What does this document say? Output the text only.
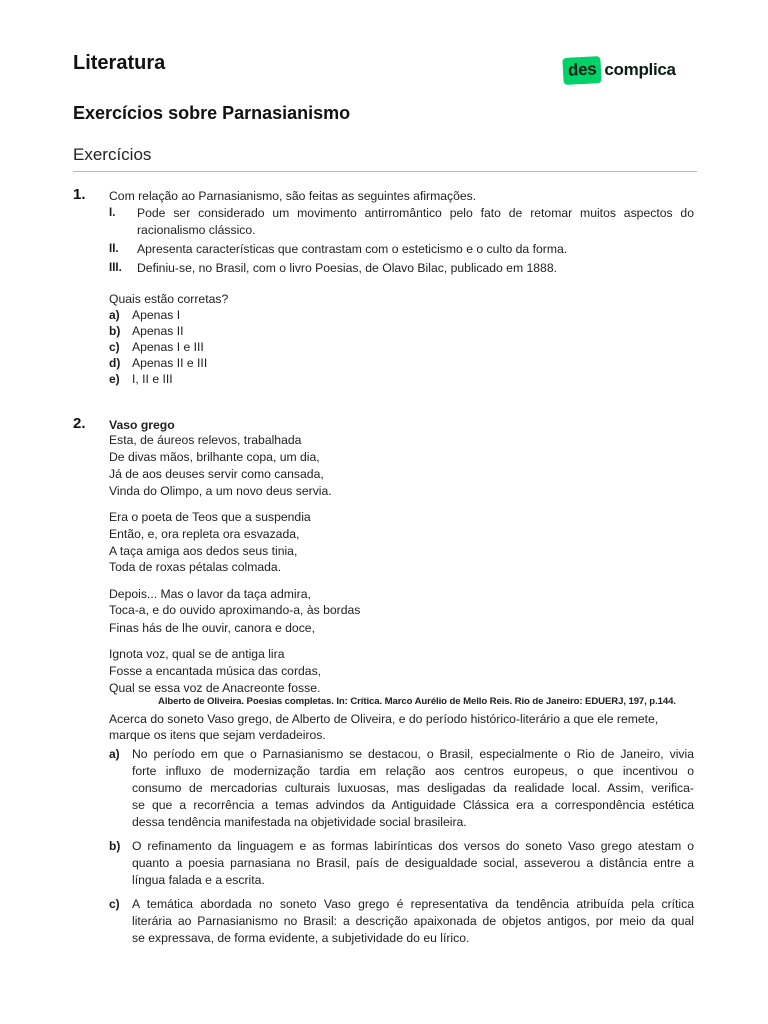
Literatura	des complica
Exercícios sobre Parnasianismo
Exercícios
1. Com relação ao Parnasianismo, são feitas as seguintes afirmações.
I. Pode ser considerado um movimento antirromântico pelo fato de retomar muitos aspectos do
racionalismo clássico.
II. Apresenta características que contrastam com o esteticismo e o culto da forma.
III. Definiu-se, no Brasil, com o livro Poesias, de Olavo Bilac, publicado em 1888.
Quais estão corretas?
a) Apenas I
b) Apenas II
c) Apenas I e III
d) Apenas II e III
e) I, II e III
2. Vaso grego
Esta, de áureos relevos, trabalhada
De divas mãos, brilhante copa, um dia,
Já de aos deuses servir como cansada,
Vinda do Olimpo, a um novo deus servia.
Era o poeta de Teos que a suspendia
Então, e, ora repleta ora esvazada,
A taça amiga aos dedos seus tinia,
Toda de roxas pétalas colmada.
Depois... Mas o lavor da taça admira,
Toca-a, e do ouvido aproximando-a, às bordas
Finas hás de lhe ouvir, canora e doce,
Ignota voz, qual se de antiga lira
Fosse a encantada música das cordas,
Qual se essa voz de Anacreonte fosse.
Alberto de Oliveira. Poesias completas. In: Crítica. Marco Aurélio de Mello Reis. Rio de Janeiro: EDUERJ, 197, p.144.
Acerca do soneto Vaso grego, de Alberto de Oliveira, e do período histórico-literário a que ele remete,
marque os itens que sejam verdadeiros.
a) No período em que o Parnasianismo se destacou, o Brasil, especialmente o Rio de Janeiro, vivia
forte influxo de modernização tardia em relação aos centros europeus, o que incentivou o
consumo de mercadorias culturais luxuosas, mas desligadas da realidade local. Assim, verifica-
se que a recorrência a temas advindos da Antiguidade Clássica era a correspondência estética
dessa tendência manifestada na objetividade social brasileira.
b) O refinamento da linguagem e as formas labirínticas dos versos do soneto Vaso grego atestam o
quanto a poesia parnasiana no Brasil, país de desigualdade social, asseverou a distância entre a
língua falada e a escrita.
c) A temática abordada no soneto Vaso grego é representativa da tendência atribuída pela crítica
literária ao Parnasianismo no Brasil: a descrição apaixonada de objetos antigos, por meio da qual
se expressava, de forma evidente, a subjetividade do eu lírico.
